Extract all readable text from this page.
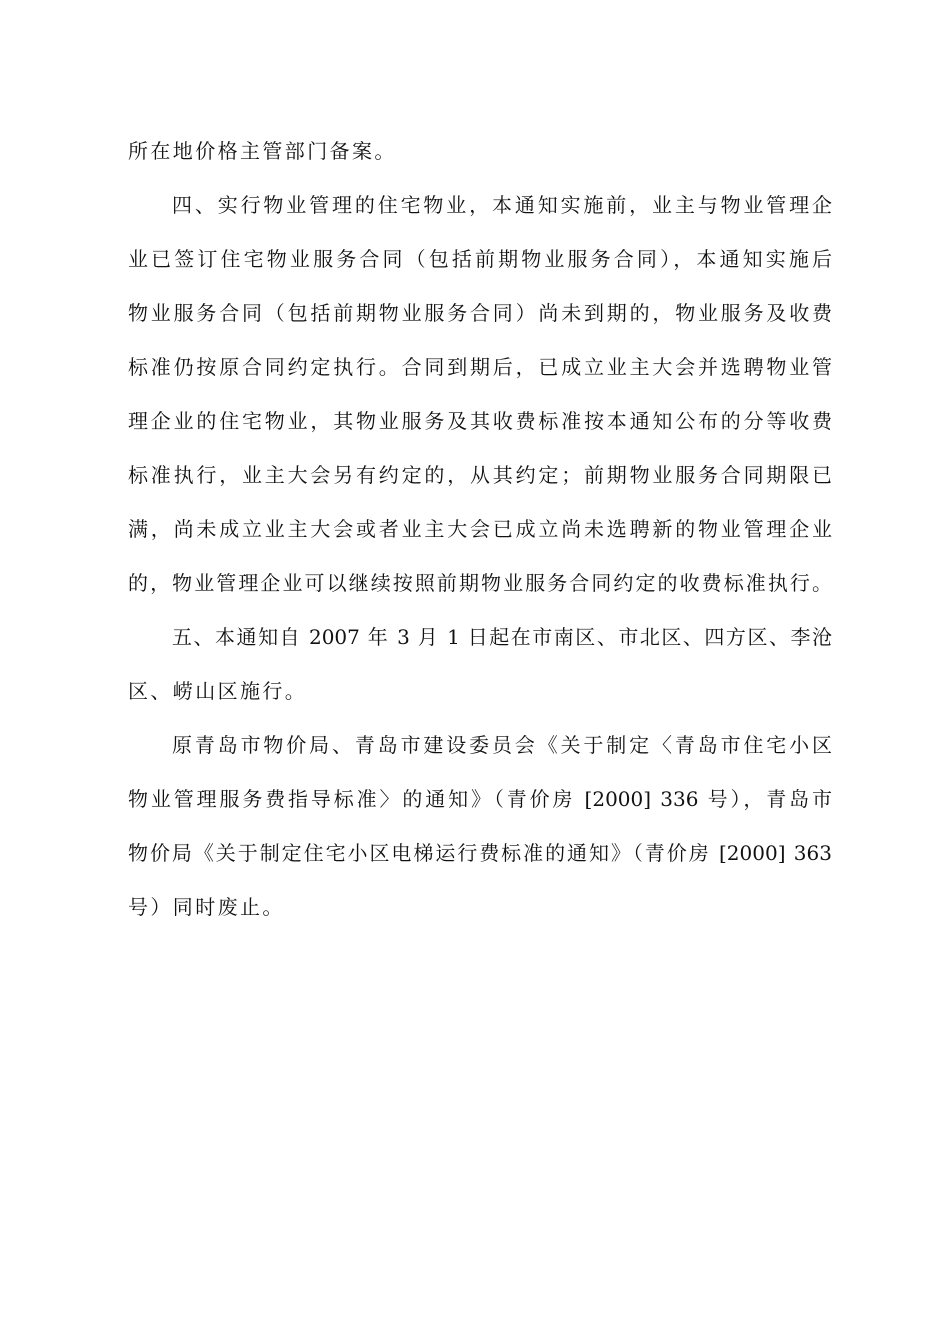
所在地价格主管部门备案。
四、实行物业管理的住宅物业，本通知实施前，业主与物业管理企
业已签订住宅物业服务合同（包括前期物业服务合同），本通知实施后
物业服务合同（包括前期物业服务合同）尚未到期的，物业服务及收费
标准仍按原合同约定执行。合同到期后，已成立业主大会并选聘物业管
理企业的住宅物业，其物业服务及其收费标准按本通知公布的分等收费
标准执行，业主大会另有约定的，从其约定；前期物业服务合同期限已
满，尚未成立业主大会或者业主大会已成立尚未选聘新的物业管理企业
的，物业管理企业可以继续按照前期物业服务合同约定的收费标准执行。
五、本通知自 2007 年 3 月 1 日起在市南区、市北区、四方区、李沧
区、崂山区施行。
原青岛市物价局、青岛市建设委员会《关于制定〈青岛市住宅小区
物业管理服务费指导标准〉的通知》（青价房 [2000] 336 号），青岛市
物价局《关于制定住宅小区电梯运行费标准的通知》（青价房 [2000] 363
号）同时废止。
